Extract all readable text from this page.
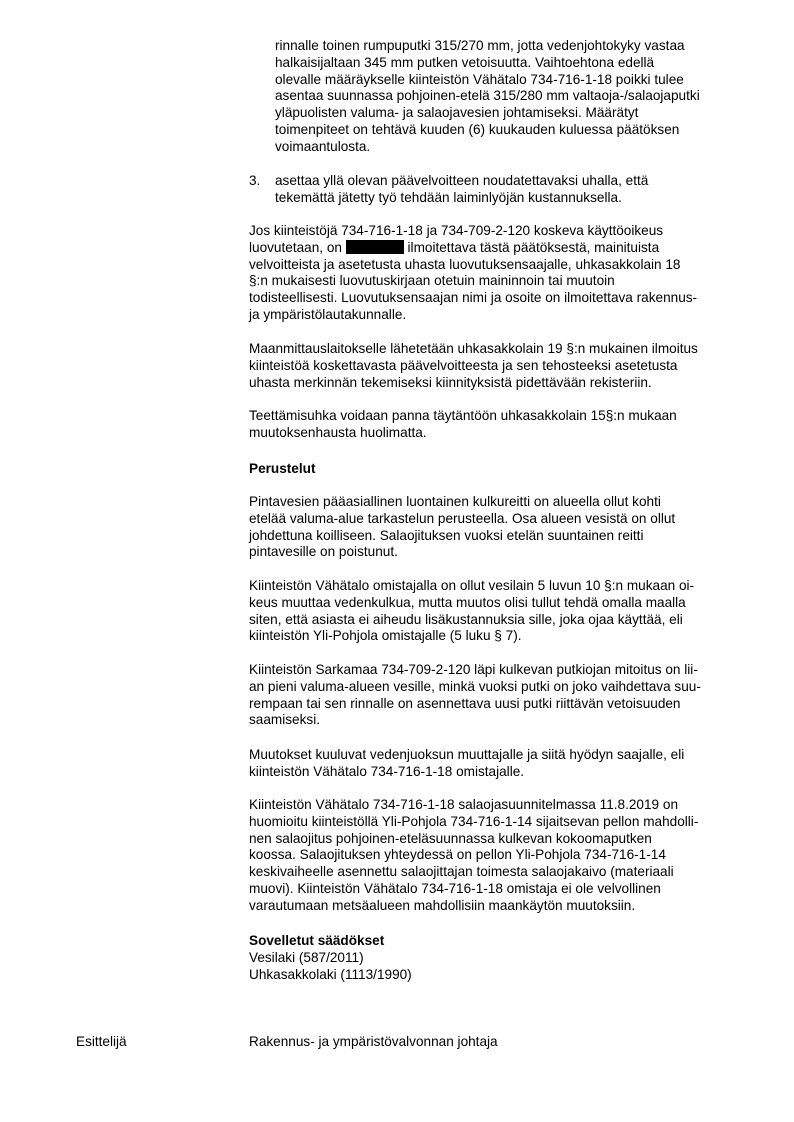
rinnalle toinen rumpuputki 315/270 mm, jotta vedenjohtokyky vastaa
halkaisijaltaan 345 mm putken vetoisuutta. Vaihtoehtona edellä
olevalle määräykselle kiinteistön Vähätalo 734-716-1-18 poikki tulee
asentaa suunnassa pohjoinen-etelä 315/280 mm valtaoja-/salaojaputki
yläpuolisten valuma- ja salaojavesien johtamiseksi. Määrätyt
toimenpiteet on tehtävä kuuden (6) kuukauden kuluessa päätöksen
voimaantulosta.
3. asettaa yllä olevan päävelvoitteen noudatettavaksi uhalla, että
tekemättä jätetty työ tehdään laiminlyöjän kustannuksella.
Jos kiinteistöjä 734-716-1-18 ja 734-709-2-120 koskeva käyttöoikeus
luovutetaan, on	ilmoitettava tästä päätöksestä, mainituista
velvoitteista ja asetetusta uhasta luovutuksensaajalle, uhkasakkolain 18
§:n mukaisesti luovutuskirjaan otetuin maininnoin tai muutoin
todisteellisesti. Luovutuksensaajan nimi ja osoite on ilmoitettava rakennus-
ja ympäristölautakunnalle.
Maanmittauslaitokselle lähetetään uhkasakkolain 19 §:n mukainen ilmoitus
kiinteistöä koskettavasta päävelvoitteesta ja sen tehosteeksi asetetusta
uhasta merkinnän tekemiseksi kiinnityksistä pidettävään rekisteriin.
Teettämisuhka voidaan panna täytäntöön uhkasakkolain 15§:n mukaan
muutoksenhausta huolimatta.
Perustelut
Pintavesien pääasiallinen luontainen kulkureitti on alueella ollut kohti
etelää valuma-alue tarkastelun perusteella. Osa alueen vesistä on ollut
johdettuna koilliseen. Salaojituksen vuoksi etelän suuntainen reitti
pintavesille on poistunut.
Kiinteistön Vähätalo omistajalla on ollut vesilain 5 luvun 10 §:n mukaan oi-
keus muuttaa vedenkulkua, mutta muutos olisi tullut tehdä omalla maalla
siten, että asiasta ei aiheudu lisäkustannuksia sille, joka ojaa käyttää, eli
kiinteistön Yli-Pohjola omistajalle (5 luku § 7).
Kiinteistön Sarkamaa 734-709-2-120 läpi kulkevan putkiojan mitoitus on lii-
an pieni valuma-alueen vesille, minkä vuoksi putki on joko vaihdettava suu-
rempaan tai sen rinnalle on asennettava uusi putki riittävän vetoisuuden
saamiseksi.
Muutokset kuuluvat vedenjuoksun muuttajalle ja siitä hyödyn saajalle, eli
kiinteistön Vähätalo 734-716-1-18 omistajalle.
Kiinteistön Vähätalo 734-716-1-18 salaojasuunnitelmassa 11.8.2019 on
huomioitu kiinteistöllä Yli-Pohjola 734-716-1-14 sijaitsevan pellon mahdolli-
nen salaojitus pohjoinen-eteläsuunnassa kulkevan kokoomaputken
koossa. Salaojituksen yhteydessä on pellon Yli-Pohjola 734-716-1-14
keskivaiheelle asennettu salaojittajan toimesta salaojakaivo (materiaali
muovi). Kiinteistön Vähätalo 734-716-1-18 omistaja ei ole velvollinen
varautumaan metsäalueen mahdollisiin maankäytön muutoksiin.
Sovelletut säädökset
Vesilaki (587/2011)
Uhkasakkolaki (1113/1990)
Esittelijä	Rakennus- ja ympäristövalvonnan johtaja
